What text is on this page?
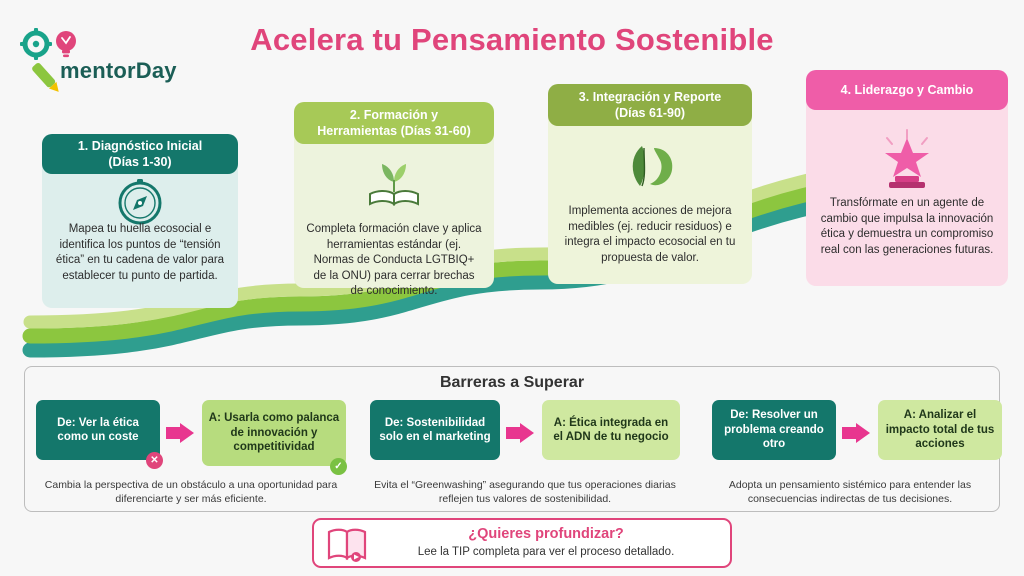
mentorDay
Acelera tu Pensamiento Sostenible
1. Diagnóstico Inicial
(Días 1-30)
Mapea tu huella ecosocial e identifica los puntos de “tensión ética” en tu cadena de valor para establecer tu punto de partida.
2. Formación y
Herramientas (Días 31-60)
Completa formación clave y aplica herramientas estándar (ej. Normas de Conducta LGTBIQ+ de la ONU) para cerrar brechas de conocimiento.
3. Integración y Reporte
(Días 61-90)
Implementa acciones de mejora medibles (ej. reducir residuos) e integra el impacto ecosocial en tu propuesta de valor.
4. Liderazgo y Cambio
Transfórmate en un agente de cambio que impulsa la innovación ética y demuestra un compromiso real con las generaciones futuras.
Barreras a Superar
De: Ver la ética como un coste
A: Usarla como palanca de innovación y competitividad
✕
✓
Cambia la perspectiva de un obstáculo a una oportunidad para diferenciarte y ser más eficiente.
De: Sostenibilidad solo en el marketing
A: Ética integrada en el ADN de tu negocio
Evita el “Greenwashing” asegurando que tus operaciones diarias reflejen tus valores de sostenibilidad.
De: Resolver un problema creando otro
A: Analizar el impacto total de tus acciones
Adopta un pensamiento sistémico para entender las consecuencias indirectas de tus decisiones.
¿Quieres profundizar?
Lee la TIP completa para ver el proceso detallado.
